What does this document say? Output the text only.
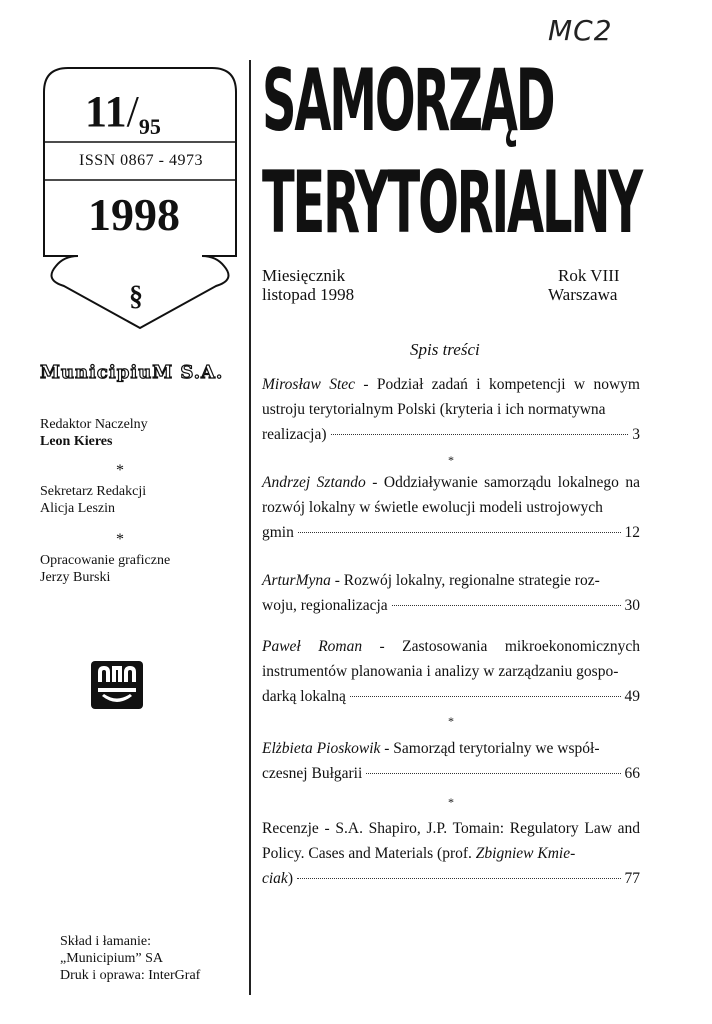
MC2
$11/_{95}$
ISSN 0867 - 4973
1998
§
MunicipiuM S.A.
Redaktor Naczelny
Leon Kieres
*
Sekretarz Redakcji
Alicja Leszin
*
Opracowanie graficzne
Jerzy Burski
Skład i łamanie:
„Municipium” SA
Druk i oprawa: InterGraf
SAMORZĄD
TERYTORIALNY
Miesięcznik
listopad 1998
Rok VIII
Warszawa
Spis treści
Mirosław Stec - Podział zadań i kompetencji w nowym ustroju terytorialnym Polski (kryteria i ich normatywna
realizacja)	3
*
Andrzej Sztando - Oddziaływanie samorządu lokalnego na rozwój lokalny w świetle ewolucji modeli ustrojowych
gmin	12
ArturMyna - Rozwój lokalny, regionalne strategie roz-
woju, regionalizacja	30
Paweł Roman - Zastosowania mikroekonomicznych instrumentów planowania i analizy w zarządzaniu gospo-
darką lokalną	49
*
Elżbieta Pioskowik - Samorząd terytorialny we współ-
czesnej Bułgarii	66
*
Recenzje - S.A. Shapiro, J.P. Tomain: Regulatory Law and Policy. Cases and Materials (prof. Zbigniew Kmie-
ciak)	77
